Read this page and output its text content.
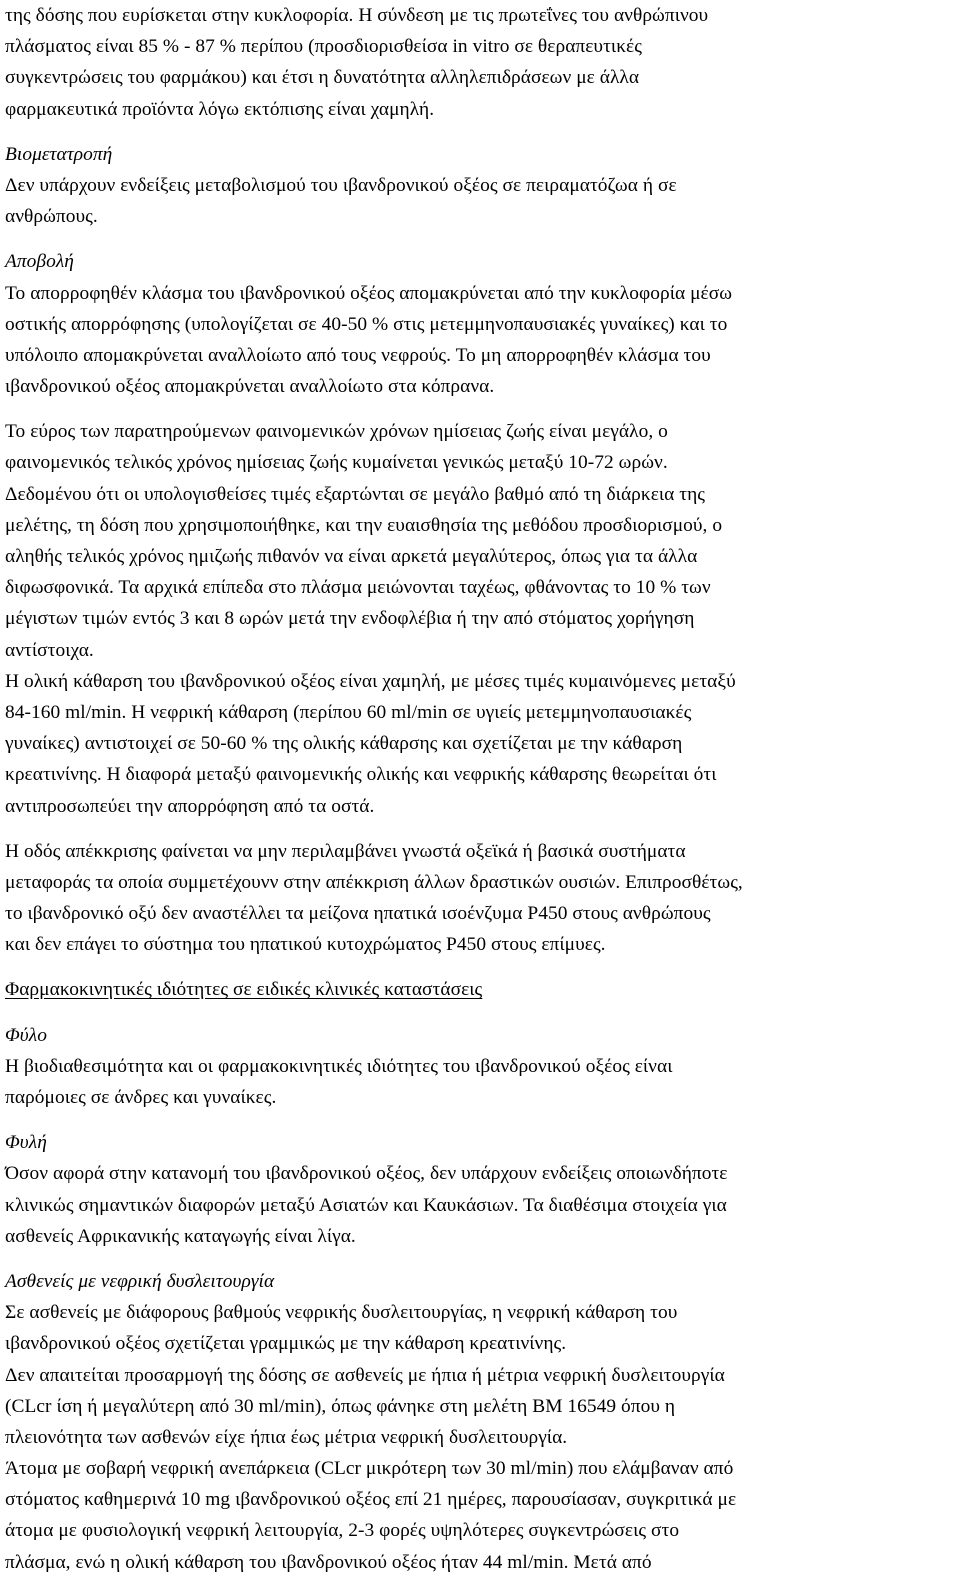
της δόσης που ευρίσκεται στην κυκλοφορία. Η σύνδεση με τις πρωτεΐνες του ανθρώπινου
πλάσματος είναι 85 % - 87 % περίπου (προσδιορισθείσα in vitro σε θεραπευτικές
συγκεντρώσεις του φαρμάκου) και έτσι η δυνατότητα αλληλεπιδράσεων με άλλα
φαρμακευτικά προϊόντα λόγω εκτόπισης είναι χαμηλή.
Βιομετατροπή
Δεν υπάρχουν ενδείξεις μεταβολισμού του ιβανδρονικού οξέος σε πειραματόζωα ή σε
ανθρώπους.
Αποβολή
Το απορροφηθέν κλάσμα του ιβανδρονικού οξέος απομακρύνεται από την κυκλοφορία μέσω
οστικής απορρόφησης (υπολογίζεται σε 40-50 % στις μετεμμηνοπαυσιακές γυναίκες) και το
υπόλοιπο απομακρύνεται αναλλοίωτο από τους νεφρούς. Το μη απορροφηθέν κλάσμα του
ιβανδρονικού οξέος απομακρύνεται αναλλοίωτο στα κόπρανα.
Το εύρος των παρατηρούμενων φαινομενικών χρόνων ημίσειας ζωής είναι μεγάλο, ο
φαινομενικός τελικός χρόνος ημίσειας ζωής κυμαίνεται γενικώς μεταξύ 10-72 ωρών.
Δεδομένου ότι οι υπολογισθείσες τιμές εξαρτώνται σε μεγάλο βαθμό από τη διάρκεια της
μελέτης, τη δόση που χρησιμοποιήθηκε, και την ευαισθησία της μεθόδου προσδιορισμού, ο
αληθής τελικός χρόνος ημιζωής πιθανόν να είναι αρκετά μεγαλύτερος, όπως για τα άλλα
διφωσφονικά. Τα αρχικά επίπεδα στο πλάσμα μειώνονται ταχέως, φθάνοντας το 10 % των
μέγιστων τιμών εντός 3 και 8 ωρών μετά την ενδοφλέβια ή την από στόματος χορήγηση
αντίστοιχα.
Η ολική κάθαρση του ιβανδρονικού οξέος είναι χαμηλή, με μέσες τιμές κυμαινόμενες μεταξύ
84-160 ml/min. Η νεφρική κάθαρση (περίπου 60 ml/min σε υγιείς μετεμμηνοπαυσιακές
γυναίκες) αντιστοιχεί σε 50-60 % της ολικής κάθαρσης και σχετίζεται με την κάθαρση
κρεατινίνης. Η διαφορά μεταξύ φαινομενικής ολικής και νεφρικής κάθαρσης θεωρείται ότι
αντιπροσωπεύει την απορρόφηση από τα οστά.
Η οδός απέκκρισης φαίνεται να μην περιλαμβάνει γνωστά οξεϊκά ή βασικά συστήματα
μεταφοράς τα οποία συμμετέχουνν στην απέκκριση άλλων δραστικών ουσιών. Επιπροσθέτως,
το ιβανδρονικό οξύ δεν αναστέλλει τα μείζονα ηπατικά ισοένζυμα P450 στους ανθρώπους
και δεν επάγει το σύστημα του ηπατικού κυτοχρώματος P450 στους επίμυες.
Φαρμακοκινητικές ιδιότητες σε ειδικές κλινικές καταστάσεις
Φύλο
Η βιοδιαθεσιμότητα και οι φαρμακοκινητικές ιδιότητες του ιβανδρονικού οξέος είναι
παρόμοιες σε άνδρες και γυναίκες.
Φυλή
Όσον αφορά στην κατανομή του ιβανδρονικού οξέος, δεν υπάρχουν ενδείξεις οποιωνδήποτε
κλινικώς σημαντικών διαφορών μεταξύ Ασιατών και Καυκάσιων. Τα διαθέσιμα στοιχεία για
ασθενείς Αφρικανικής καταγωγής είναι λίγα.
Ασθενείς με νεφρική δυσλειτουργία
Σε ασθενείς με διάφορους βαθμούς νεφρικής δυσλειτουργίας, η νεφρική κάθαρση του
ιβανδρονικού οξέος σχετίζεται γραμμικώς με την κάθαρση κρεατινίνης.
Δεν απαιτείται προσαρμογή της δόσης σε ασθενείς με ήπια ή μέτρια νεφρική δυσλειτουργία
(CLcr ίση ή μεγαλύτερη από 30 ml/min), όπως φάνηκε στη μελέτη BM 16549 όπου η
πλειονότητα των ασθενών είχε ήπια έως μέτρια νεφρική δυσλειτουργία.
Άτομα με σοβαρή νεφρική ανεπάρκεια (CLcr μικρότερη των 30 ml/min) που ελάμβαναν από
στόματος καθημερινά 10 mg ιβανδρονικού οξέος επί 21 ημέρες, παρουσίασαν, συγκριτικά με
άτομα με φυσιολογική νεφρική λειτουργία, 2-3 φορές υψηλότερες συγκεντρώσεις στο
πλάσμα, ενώ η ολική κάθαρση του ιβανδρονικού οξέος ήταν 44 ml/min. Μετά από
